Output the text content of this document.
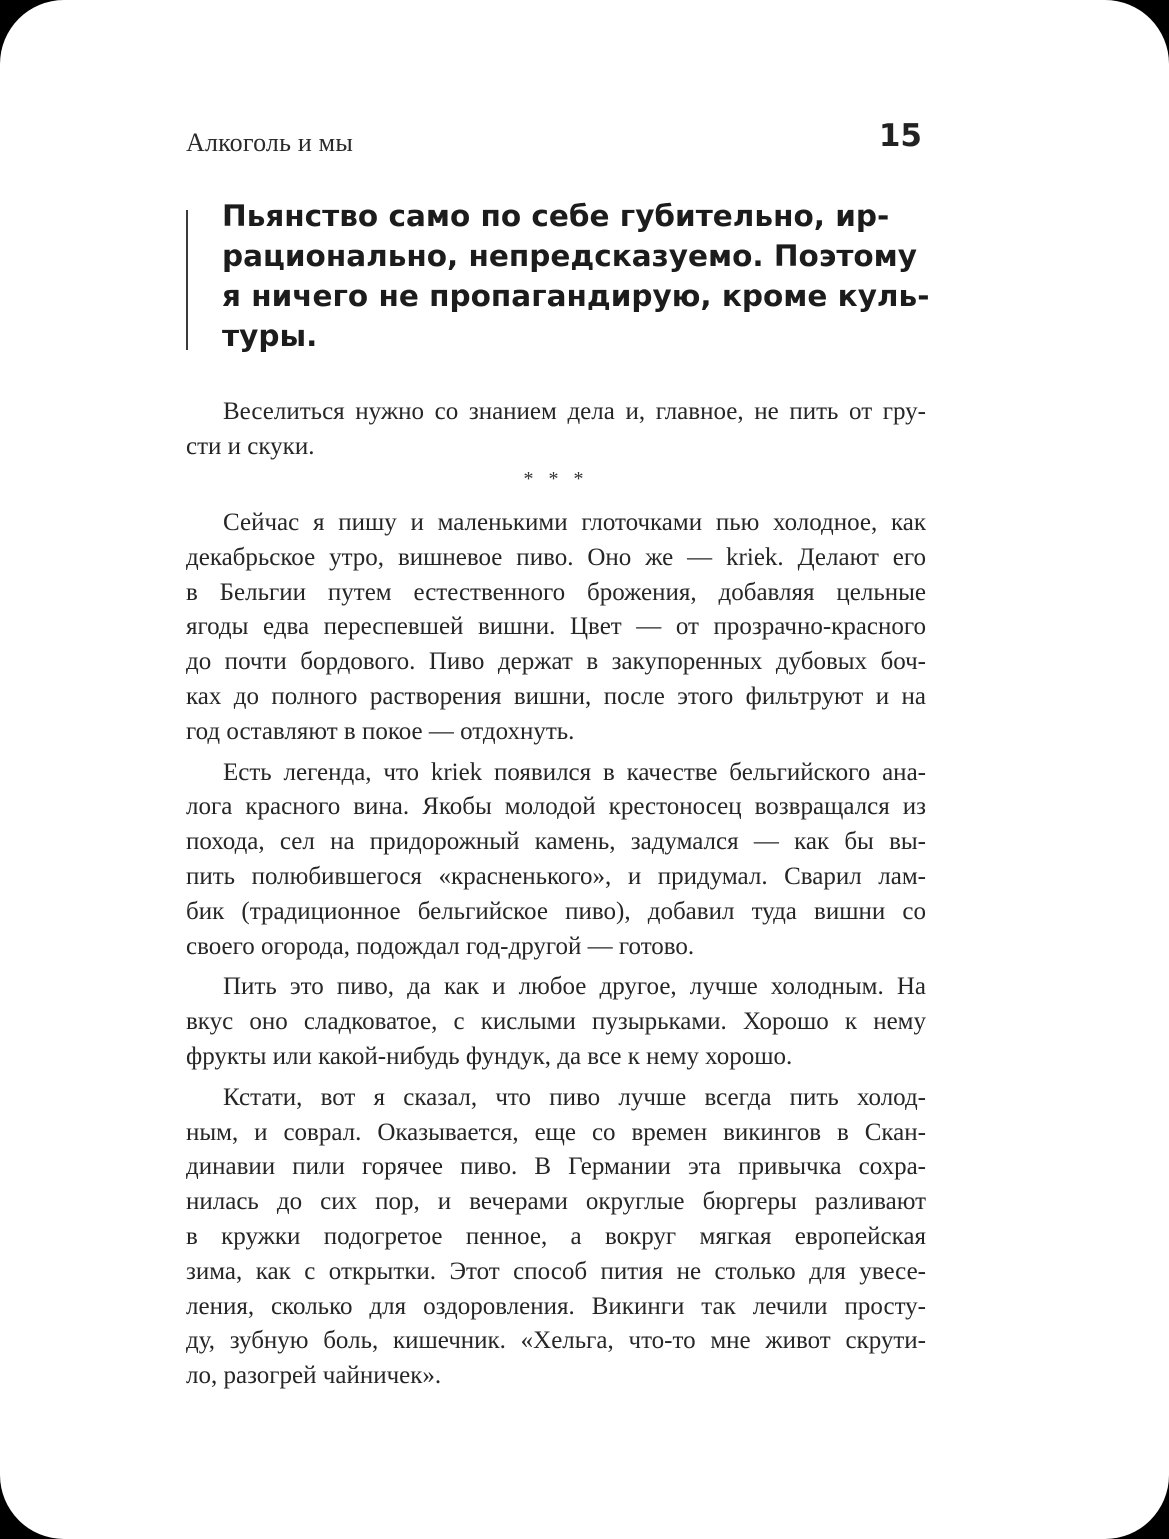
Алкоголь и мы	15
Пьянство само по себе губительно, ир-
рационально, непредсказуемо. Поэтому
я ничего не пропагандирую, кроме куль-
туры.
Веселиться нужно со знанием дела и, главное, не пить от гру-
сти и скуки.
* * *
Сейчас я пишу и маленькими глоточками пью холодное, как
декабрьское утро, вишневое пиво. Оно же — kriek. Делают его
в Бельгии путем естественного брожения, добавляя цельные
ягоды едва переспевшей вишни. Цвет — от прозрачно-красного
до почти бордового. Пиво держат в закупоренных дубовых боч-
ках до полного растворения вишни, после этого фильтруют и на
год оставляют в покое — отдохнуть.
Есть легенда, что kriek появился в качестве бельгийского ана-
лога красного вина. Якобы молодой крестоносец возвращался из
похода, сел на придорожный камень, задумался — как бы вы-
пить полюбившегося «красненького», и придумал. Сварил лам-
бик (традиционное бельгийское пиво), добавил туда вишни со
своего огорода, подождал год-другой — готово.
Пить это пиво, да как и любое другое, лучше холодным. На
вкус оно сладковатое, с кислыми пузырьками. Хорошо к нему
фрукты или какой-нибудь фундук, да все к нему хорошо.
Кстати, вот я сказал, что пиво лучше всегда пить холод-
ным, и соврал. Оказывается, еще со времен викингов в Скан-
динавии пили горячее пиво. В Германии эта привычка сохра-
нилась до сих пор, и вечерами округлые бюргеры разливают
в кружки подогретое пенное, а вокруг мягкая европейская
зима, как с открытки. Этот способ пития не столько для увесе-
ления, сколько для оздоровления. Викинги так лечили просту-
ду, зубную боль, кишечник. «Хельга, что-то мне живот скрути-
ло, разогрей чайничек».
